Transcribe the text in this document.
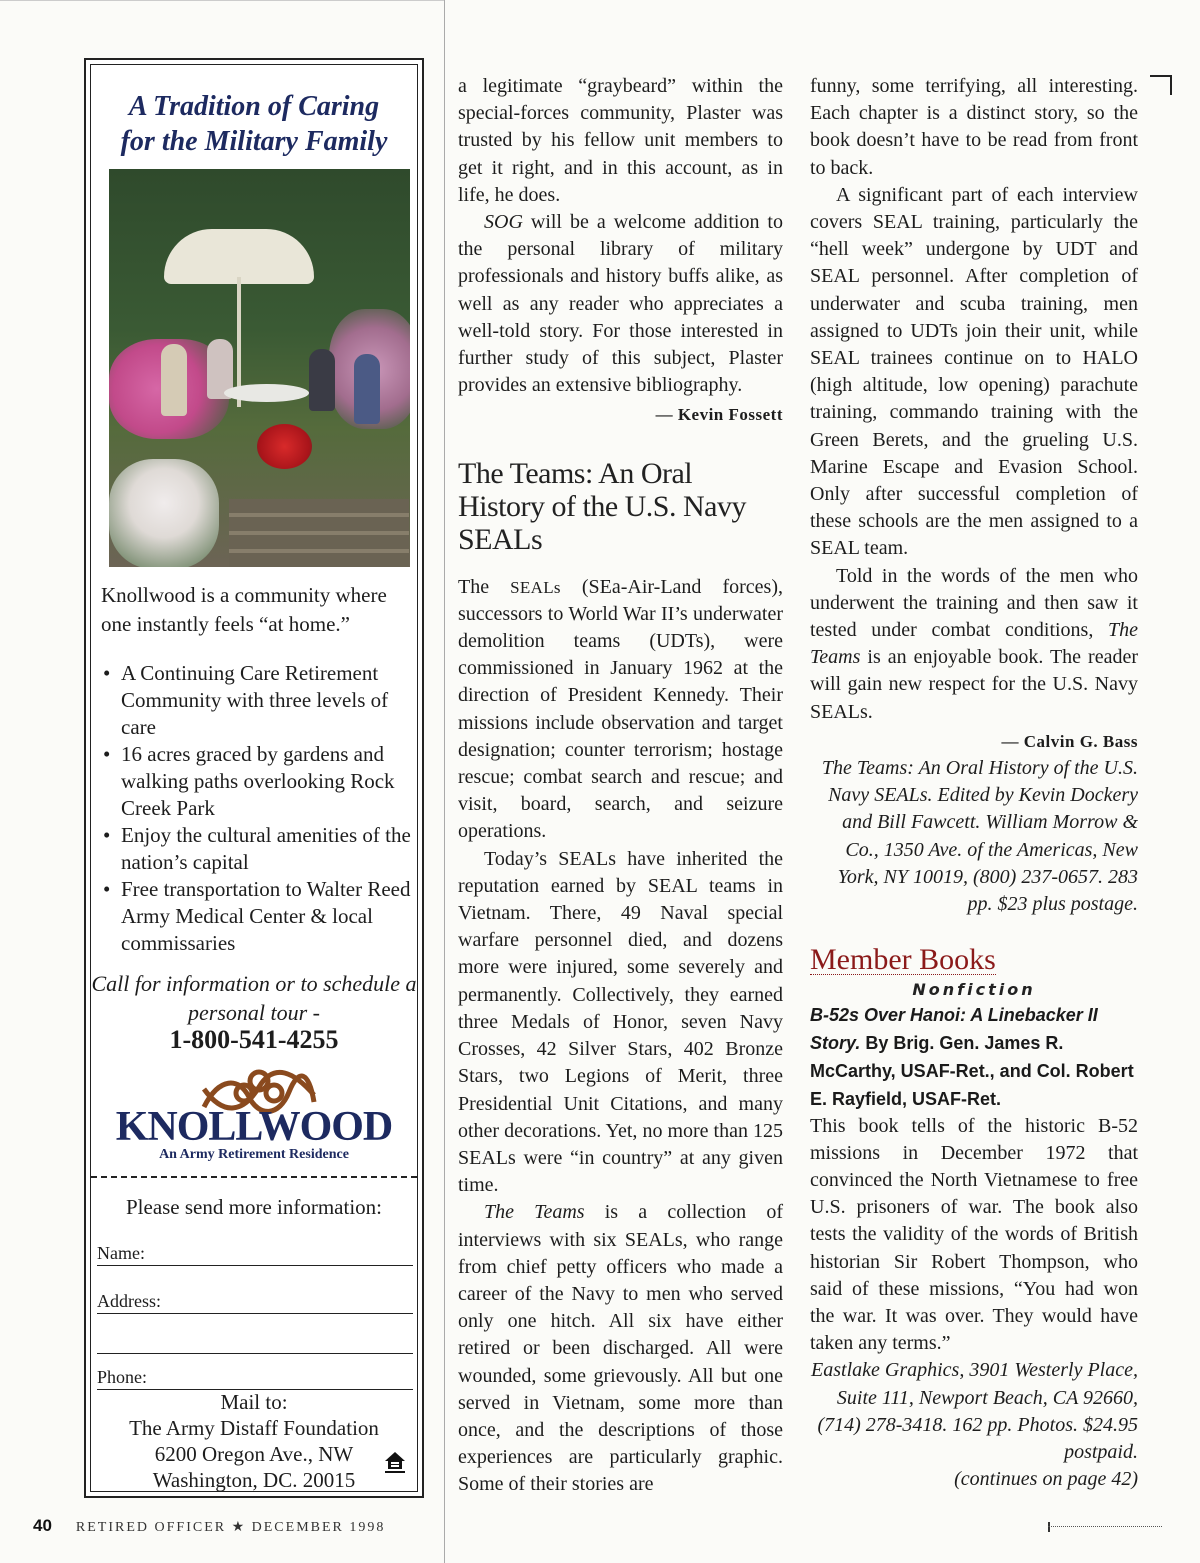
A Tradition of Caring
for the Military Family
Knollwood is a community where one instantly feels “at home.”
• A Continuing Care Retirement Community with three levels of care
• 16 acres graced by gardens and walking paths overlooking Rock Creek Park
• Enjoy the cultural amenities of the nation’s capital
• Free transportation to Walter Reed Army Medical Center & local commissaries
Call for information or to schedule a personal tour -
1-800-541-4255
KNOLLWOOD
An Army Retirement Residence
Please send more information:
Name:
Address:
Phone:
Mail to:
The Army Distaff Foundation
6200 Oregon Ave., NW
Washington, DC. 20015
40 RETIRED OFFICER ★ DECEMBER 1998

a legitimate “graybeard” within the special-forces community, Plaster was trusted by his fellow unit members to get it right, and in this account, as in life, he does.

SOG will be a welcome addition to the personal library of military professionals and history buffs alike, as well as any reader who appreciates a well-told story. For those interested in further study of this subject, Plaster provides an extensive bibliography.

— Kevin Fossett

The Teams: An Oral History of the U.S. Navy SEALs

The SEALs (SEa-Air-Land forces), successors to World War II’s underwater demolition teams (UDTs), were commissioned in January 1962 at the direction of President Kennedy. Their missions include observation and target designation; counter terrorism; hostage rescue; combat search and rescue; and visit, board, search, and seizure operations.

Today’s SEALs have inherited the reputation earned by SEAL teams in Vietnam. There, 49 Naval special warfare personnel died, and dozens more were injured, some severely and permanently. Collectively, they earned three Medals of Honor, seven Navy Crosses, 42 Silver Stars, 402 Bronze Stars, two Legions of Merit, three Presidential Unit Citations, and many other decorations. Yet, no more than 125 SEALs were “in country” at any given time.

The Teams is a collection of interviews with six SEALs, who range from chief petty officers who made a career of the Navy to men who served only one hitch. All six have either retired or been discharged. All were wounded, some grievously. All but one served in Vietnam, some more than once, and the descriptions of those experiences are particularly graphic. Some of their stories are

funny, some terrifying, all interesting. Each chapter is a distinct story, so the book doesn’t have to be read from front to back.

A significant part of each interview covers SEAL training, particularly the “hell week” undergone by UDT and SEAL personnel. After completion of underwater and scuba training, men assigned to UDTs join their unit, while SEAL trainees continue on to HALO (high altitude, low opening) parachute training, commando training with the Green Berets, and the grueling U.S. Marine Escape and Evasion School. Only after successful completion of these schools are the men assigned to a SEAL team.

Told in the words of the men who underwent the training and then saw it tested under combat conditions, The Teams is an enjoyable book. The reader will gain new respect for the U.S. Navy SEALs.

— Calvin G. Bass

The Teams: An Oral History of the U.S. Navy SEALs. Edited by Kevin Dockery and Bill Fawcett. William Morrow & Co., 1350 Ave. of the Americas, New York, NY 10019, (800) 237-0657. 283 pp. $23 plus postage.

Member Books

Nonfiction

B-52s Over Hanoi: A Linebacker II Story. By Brig. Gen. James R. McCarthy, USAF-Ret., and Col. Robert E. Rayfield, USAF-Ret.

This book tells of the historic B-52 missions in December 1972 that convinced the North Vietnamese to free U.S. prisoners of war. The book also tests the validity of the words of British historian Sir Robert Thompson, who said of these missions, “You had won the war. It was over. They would have taken any terms.”

Eastlake Graphics, 3901 Westerly Place, Suite 111, Newport Beach, CA 92660, (714) 278-3418. 162 pp. Photos. $24.95 postpaid.

(continues on page 42)
